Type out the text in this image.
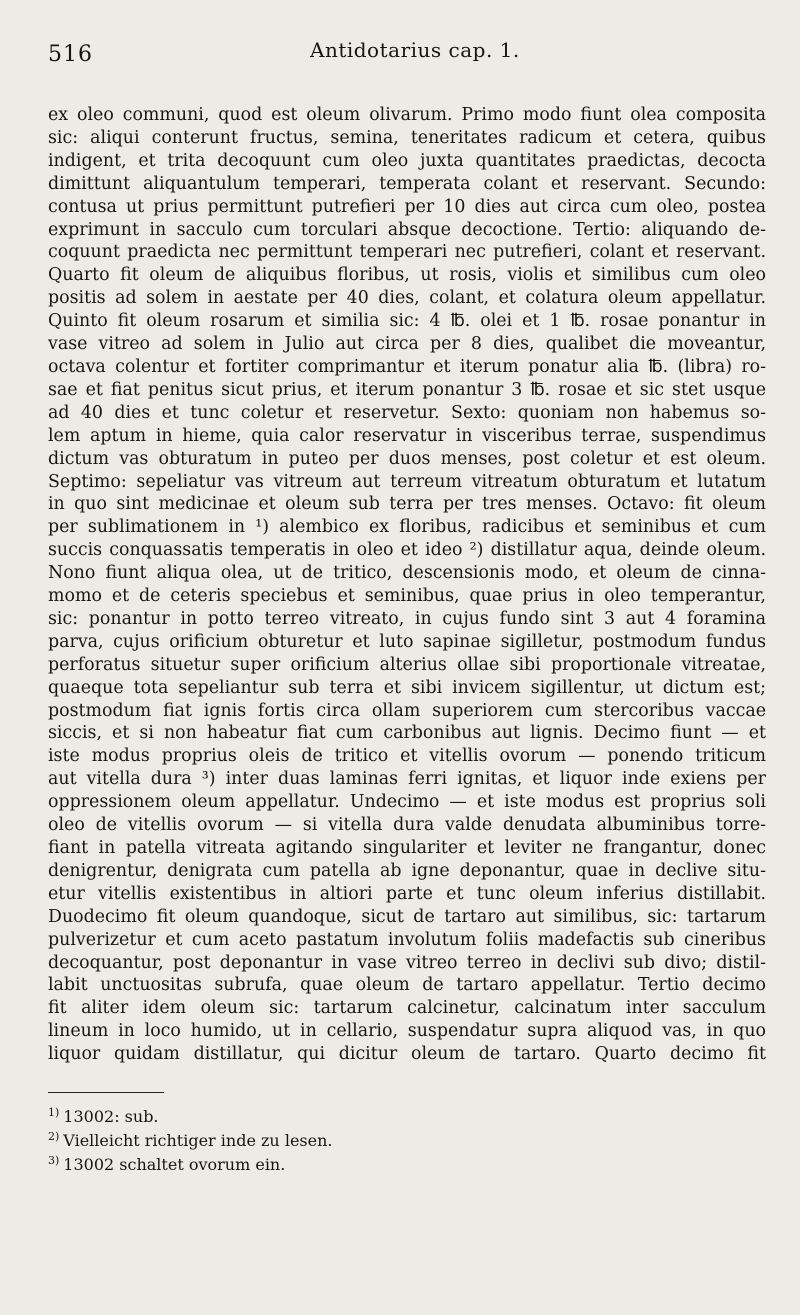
516	Antidotarius cap. 1.
ex oleo communi, quod est oleum olivarum. Primo modo fiunt olea composita
sic: aliqui conterunt fructus, semina, teneritates radicum et cetera, quibus
indigent, et trita decoquunt cum oleo juxta quantitates praedictas, decocta
dimittunt aliquantulum temperari, temperata colant et reservant. Secundo:
contusa ut prius permittunt putrefieri per 10 dies aut circa cum oleo, postea
exprimunt in sacculo cum torculari absque decoctione. Tertio: aliquando de-
coquunt praedicta nec permittunt temperari nec putrefieri, colant et reservant.
Quarto fit oleum de aliquibus floribus, ut rosis, violis et similibus cum oleo
positis ad solem in aestate per 40 dies, colant, et colatura oleum appellatur.
Quinto fit oleum rosarum et similia sic: 4 ℔. olei et 1 ℔. rosae ponantur in
vase vitreo ad solem in Julio aut circa per 8 dies, qualibet die moveantur,
octava colentur et fortiter comprimantur et iterum ponatur alia ℔. (libra) ro-
sae et fiat penitus sicut prius, et iterum ponantur 3 ℔. rosae et sic stet usque
ad 40 dies et tunc coletur et reservetur. Sexto: quoniam non habemus so-
lem aptum in hieme, quia calor reservatur in visceribus terrae, suspendimus
dictum vas obturatum in puteo per duos menses, post coletur et est oleum.
Septimo: sepeliatur vas vitreum aut terreum vitreatum obturatum et lutatum
in quo sint medicinae et oleum sub terra per tres menses. Octavo: fit oleum
per sublimationem in ¹) alembico ex floribus, radicibus et seminibus et cum
succis conquassatis temperatis in oleo et ideo ²) distillatur aqua, deinde oleum.
Nono fiunt aliqua olea, ut de tritico, descensionis modo, et oleum de cinna-
momo et de ceteris speciebus et seminibus, quae prius in oleo temperantur,
sic: ponantur in potto terreo vitreato, in cujus fundo sint 3 aut 4 foramina
parva, cujus orificium obturetur et luto sapinae sigilletur, postmodum fundus
perforatus situetur super orificium alterius ollae sibi proportionale vitreatae,
quaeque tota sepeliantur sub terra et sibi invicem sigillentur, ut dictum est;
postmodum fiat ignis fortis circa ollam superiorem cum stercoribus vaccae
siccis, et si non habeatur fiat cum carbonibus aut lignis. Decimo fiunt — et
iste modus proprius oleis de tritico et vitellis ovorum — ponendo triticum
aut vitella dura ³) inter duas laminas ferri ignitas, et liquor inde exiens per
oppressionem oleum appellatur. Undecimo — et iste modus est proprius soli
oleo de vitellis ovorum — si vitella dura valde denudata albuminibus torre-
fiant in patella vitreata agitando singulariter et leviter ne frangantur, donec
denigrentur, denigrata cum patella ab igne deponantur, quae in declive situ-
etur vitellis existentibus in altiori parte et tunc oleum inferius distillabit.
Duodecimo fit oleum quandoque, sicut de tartaro aut similibus, sic: tartarum
pulverizetur et cum aceto pastatum involutum foliis madefactis sub cineribus
decoquantur, post deponantur in vase vitreo terreo in declivi sub divo; distil-
labit unctuositas subrufa, quae oleum de tartaro appellatur. Tertio decimo
fit aliter idem oleum sic: tartarum calcinetur, calcinatum inter sacculum
lineum in loco humido, ut in cellario, suspendatur supra aliquod vas, in quo
liquor quidam distillatur, qui dicitur oleum de tartaro. Quarto decimo fit
$^{1)}$ 13002: sub.
$^{2)}$ Vielleicht richtiger inde zu lesen.
$^{3)}$ 13002 schaltet ovorum ein.
